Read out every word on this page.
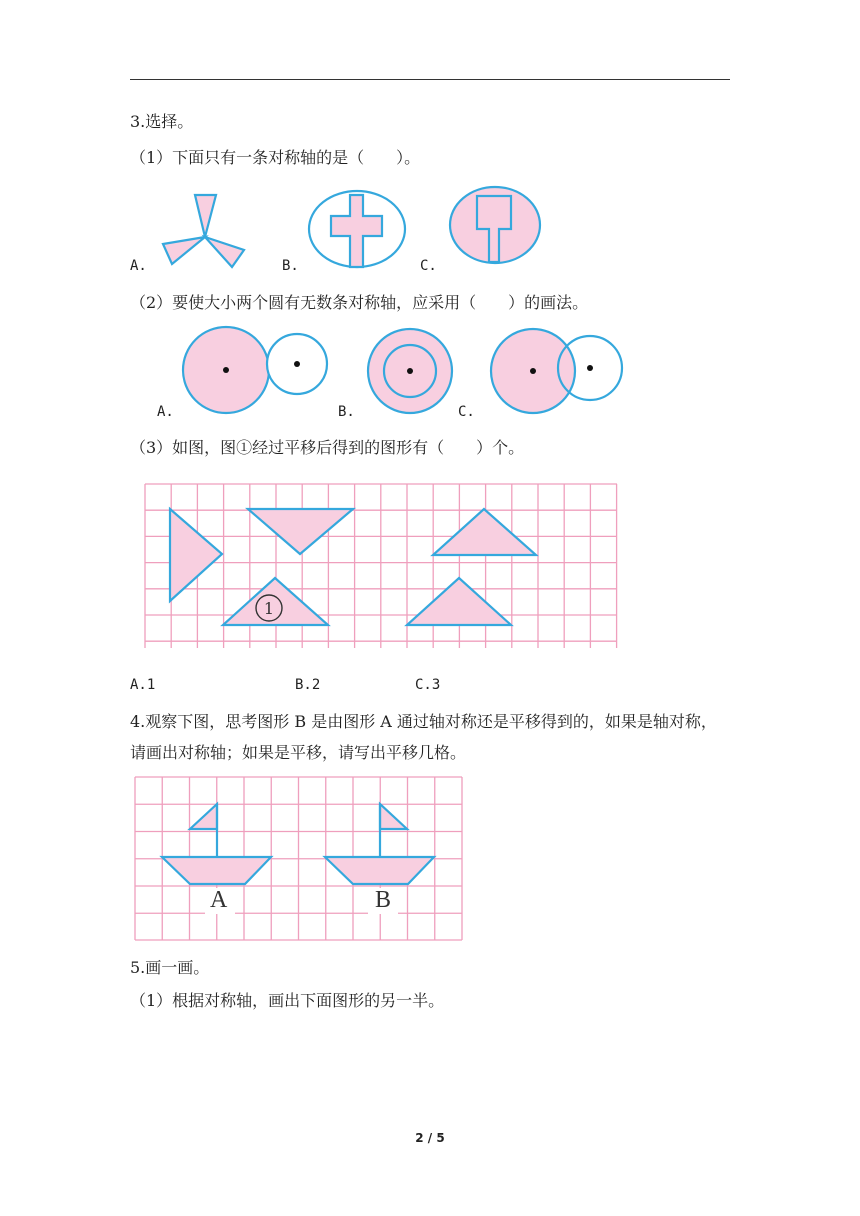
3.选择。
（1）下面只有一条对称轴的是（　　）。
A.	B.	C.
（2）要使大小两个圆有无数条对称轴，应采用（　　）的画法。
A.	B.	C.
（3）如图，图①经过平移后得到的图形有（　　）个。
1
A.1	B.2	C.3
4.观察下图，思考图形 B 是由图形 A 通过轴对称还是平移得到的，如果是轴对称，
请画出对称轴；如果是平移，请写出平移几格。
A	B
5.画一画。
（1）根据对称轴，画出下面图形的另一半。
2 / 5
